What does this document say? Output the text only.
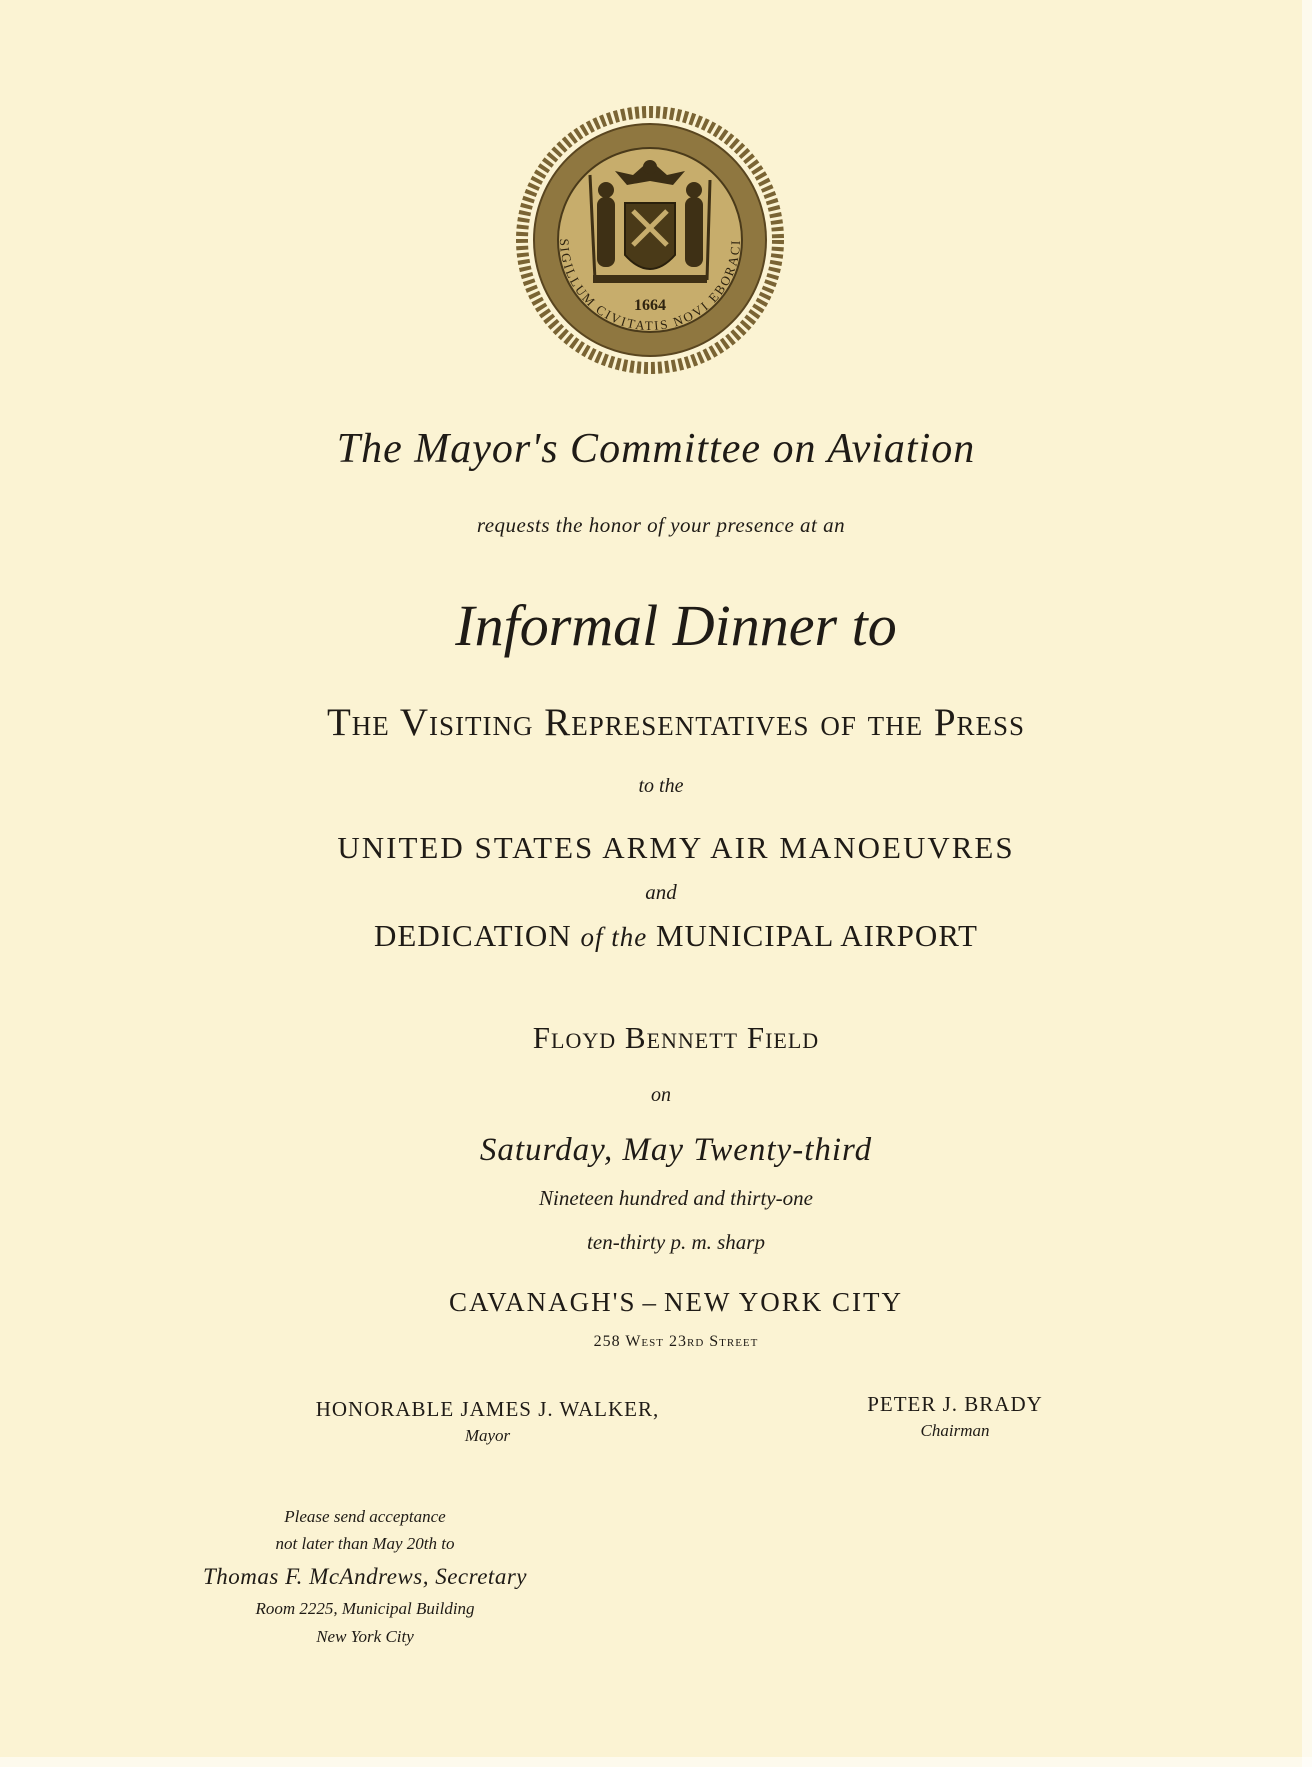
SIGILLUM CIVITATIS NOVI EBORACI
1664
The Mayor's Committee on Aviation
requests the honor of your presence at an
Informal Dinner to
The Visiting Representatives of the Press
to the
UNITED STATES ARMY AIR MANOEUVRES
and
DEDICATION of the MUNICIPAL AIRPORT
Floyd Bennett Field
on
Saturday, May Twenty-third
Nineteen hundred and thirty-one
ten-thirty p. m. sharp
CAVANAGH'S – NEW YORK CITY
258 West 23rd Street
HONORABLE JAMES J. WALKER,
Mayor
PETER J. BRADY
Chairman
Please send acceptance
not later than May 20th to
Thomas F. McAndrews, Secretary
Room 2225, Municipal Building
New York City
